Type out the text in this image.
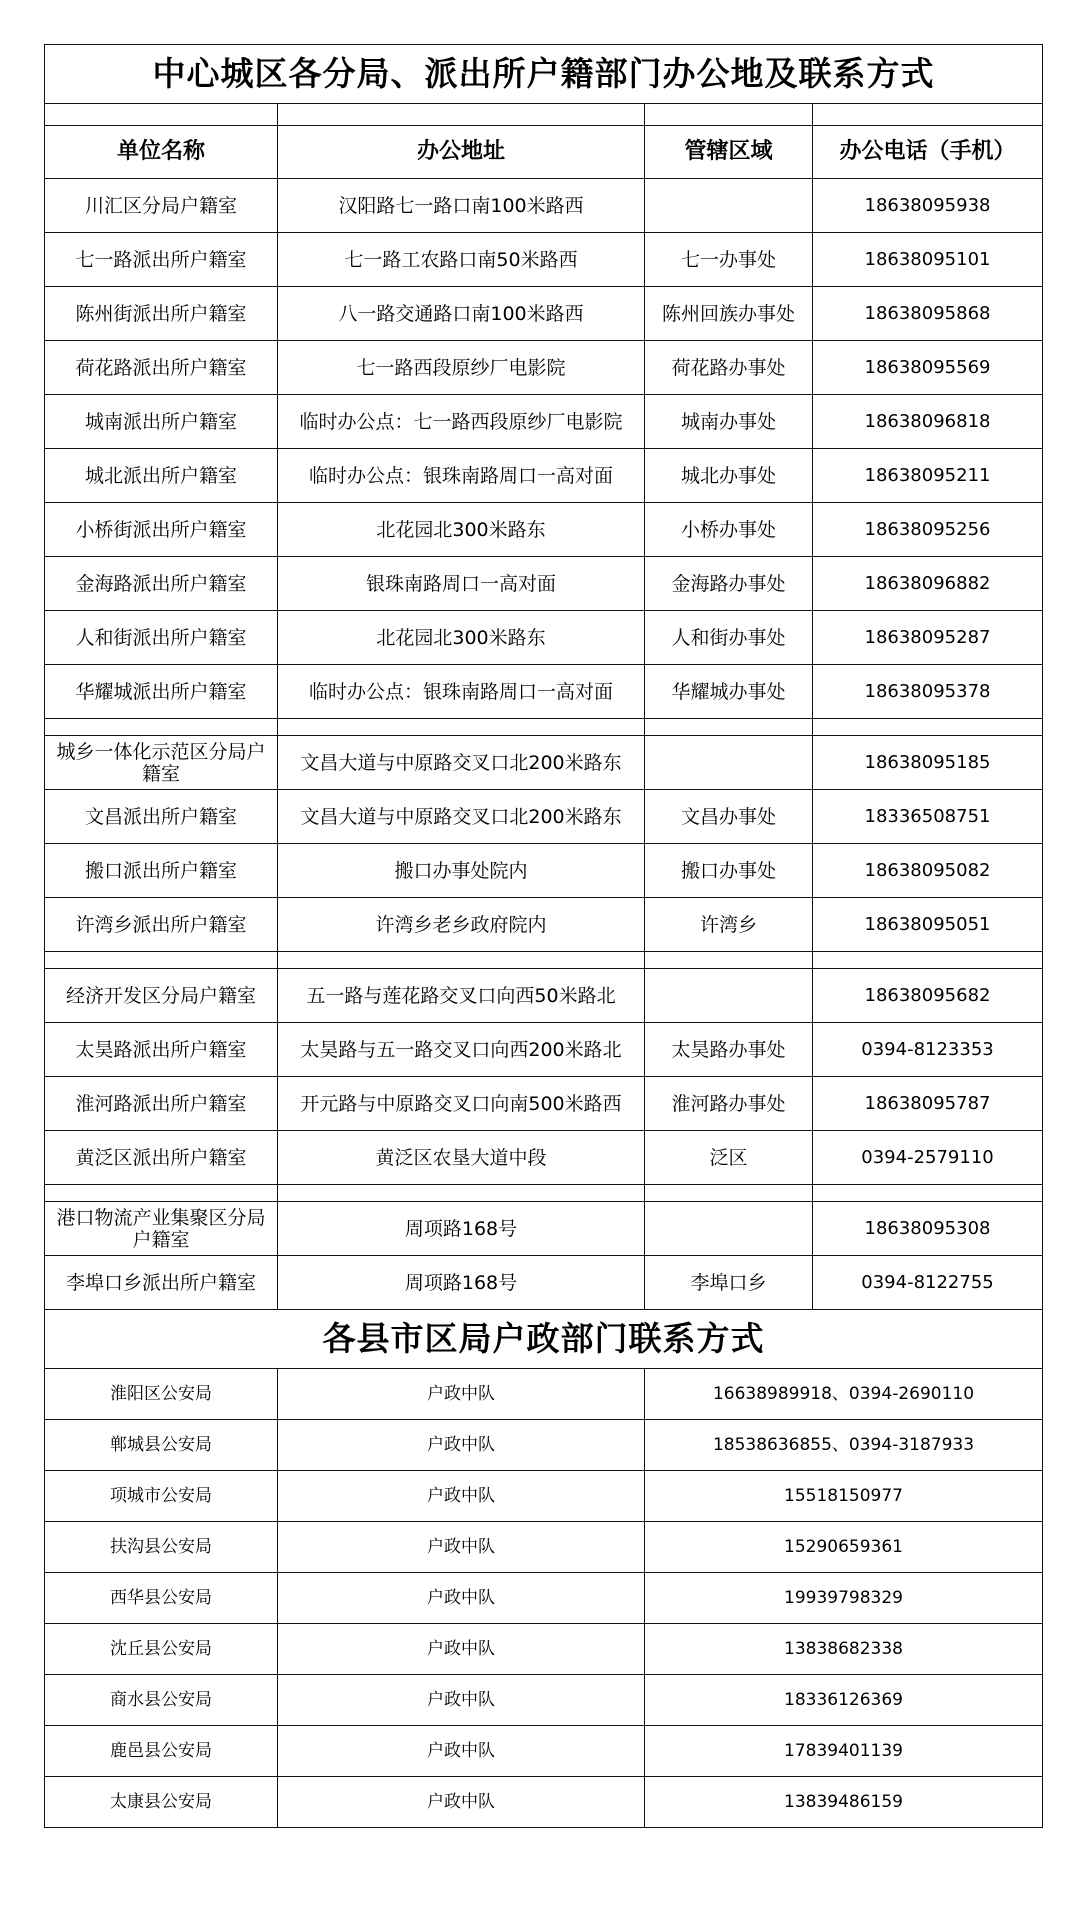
中心城区各分局、派出所户籍部门办公地及联系方式			

单位名称	办公地址	管辖区域	办公电话（手机）
川汇区分局户籍室	汉阳路七一路口南100米路西		18638095938
七一路派出所户籍室	七一路工农路口南50米路西	七一办事处	18638095101
陈州街派出所户籍室	八一路交通路口南100米路西	陈州回族办事处	18638095868
荷花路派出所户籍室	七一路西段原纱厂电影院	荷花路办事处	18638095569
城南派出所户籍室	临时办公点：七一路西段原纱厂电影院	城南办事处	18638096818
城北派出所户籍室	临时办公点：银珠南路周口一高对面	城北办事处	18638095211
小桥街派出所户籍室	北花园北300米路东	小桥办事处	18638095256
金海路派出所户籍室	银珠南路周口一高对面	金海路办事处	18638096882
人和街派出所户籍室	北花园北300米路东	人和街办事处	18638095287
华耀城派出所户籍室	临时办公点：银珠南路周口一高对面	华耀城办事处	18638095378

城乡一体化示范区分局户籍室	文昌大道与中原路交叉口北200米路东		18638095185
文昌派出所户籍室	文昌大道与中原路交叉口北200米路东	文昌办事处	18336508751
搬口派出所户籍室	搬口办事处院内	搬口办事处	18638095082
许湾乡派出所户籍室	许湾乡老乡政府院内	许湾乡	18638095051

经济开发区分局户籍室	五一路与莲花路交叉口向西50米路北		18638095682
太昊路派出所户籍室	太昊路与五一路交叉口向西200米路北	太昊路办事处	0394-8123353
淮河路派出所户籍室	开元路与中原路交叉口向南500米路西	淮河路办事处	18638095787
黄泛区派出所户籍室	黄泛区农垦大道中段	泛区	0394-2579110

港口物流产业集聚区分局户籍室	周项路168号		18638095308
李埠口乡派出所户籍室	周项路168号	李埠口乡	0394-8122755
各县市区局户政部门联系方式			
淮阳区公安局	户政中队	16638989918、0394-2690110	
郸城县公安局	户政中队	18538636855、0394-3187933	
项城市公安局	户政中队	15518150977	
扶沟县公安局	户政中队	15290659361	
西华县公安局	户政中队	19939798329	
沈丘县公安局	户政中队	13838682338	
商水县公安局	户政中队	18336126369	
鹿邑县公安局	户政中队	17839401139	
太康县公安局	户政中队	13839486159	
